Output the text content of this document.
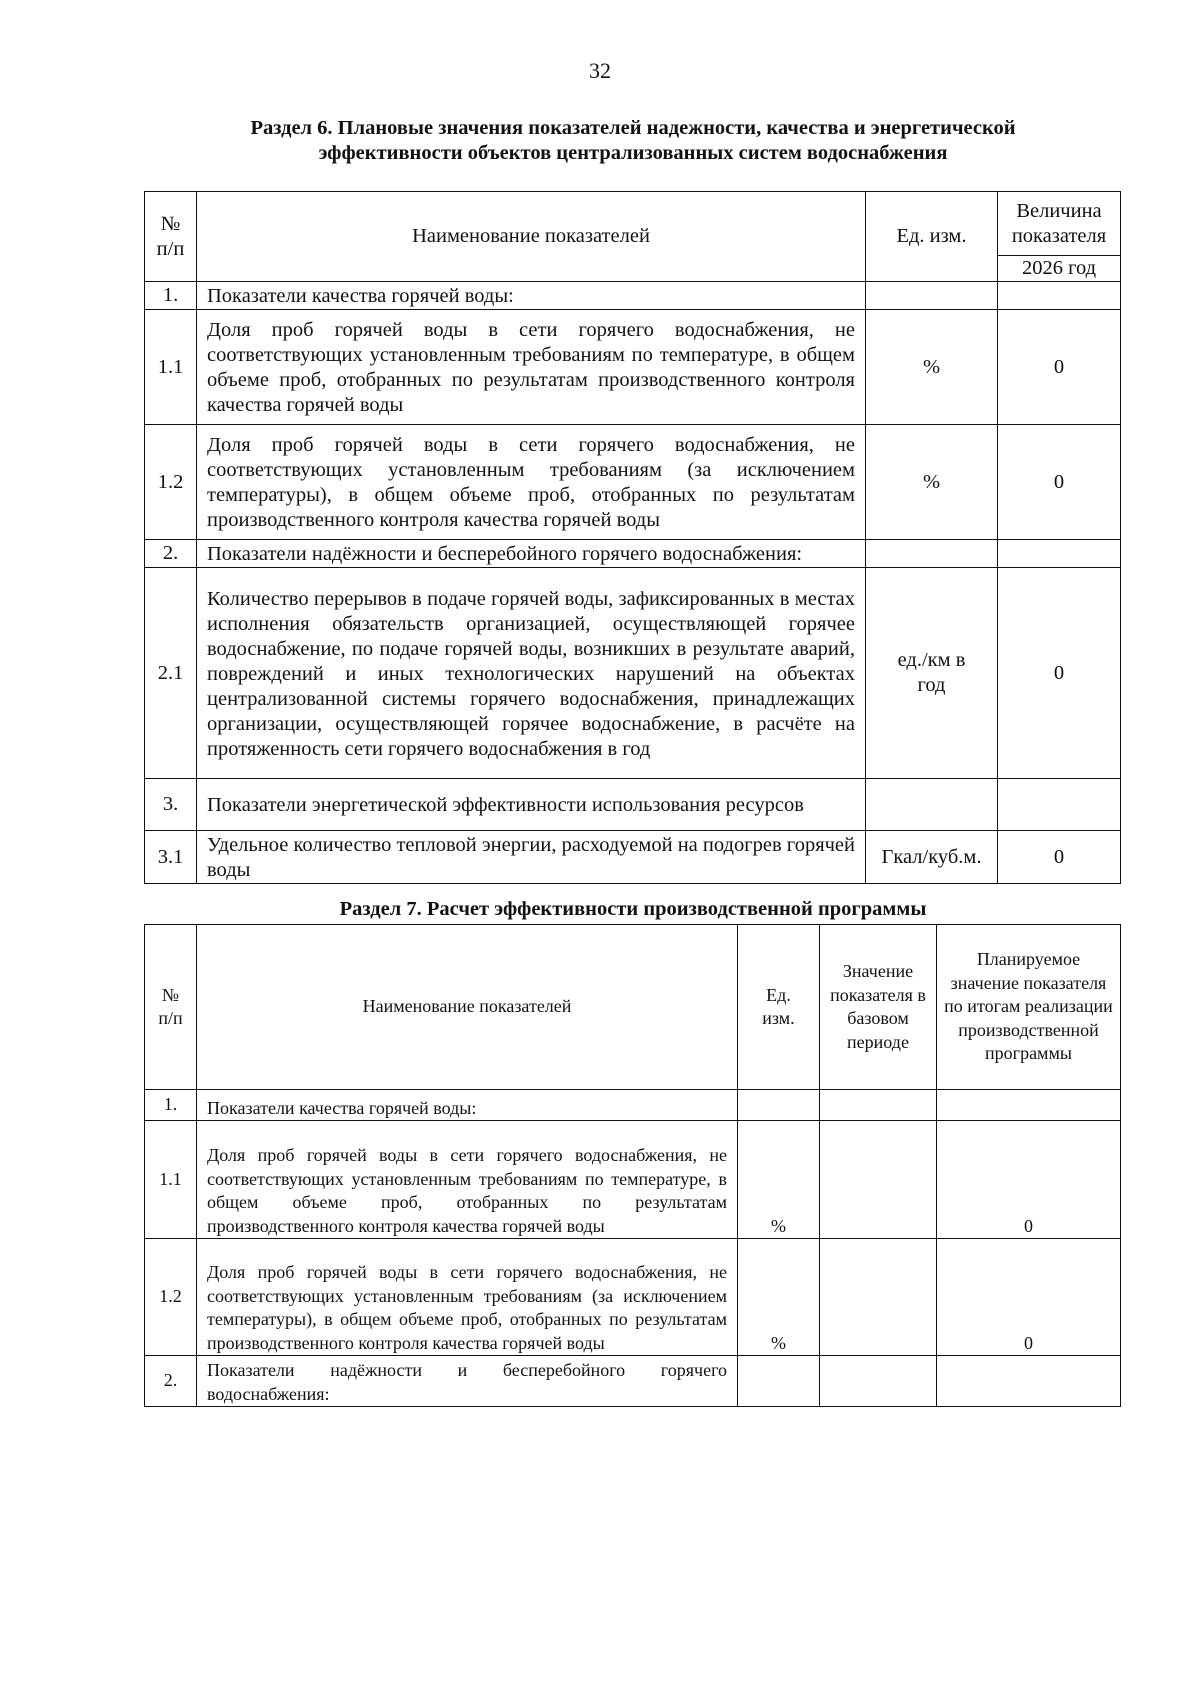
32
Раздел 6. Плановые значения показателей надежности, качества и энергетической
эффективности объектов централизованных систем водоснабжения
№ п/п	Наименование показателей	Ед. изм.	Величина показателя
			2026 год
1.	Показатели качества горячей воды:		
1.1	Доля проб горячей воды в сети горячего водоснабжения, не соответствующих установленным требованиям по температуре, в общем объеме проб, отобранных по результатам производственного контроля качества горячей воды	%	0
1.2	Доля проб горячей воды в сети горячего водоснабжения, не соответствующих установленным требованиям (за исключением температуры), в общем объеме проб, отобранных по результатам производственного контроля качества горячей воды	%	0
2.	Показатели надёжности и бесперебойного горячего водоснабжения:		
2.1	Количество перерывов в подаче горячей воды, зафиксированных в местах исполнения обязательств организацией, осуществляющей горячее водоснабжение, по подаче горячей воды, возникших в результате аварий, повреждений и иных технологических нарушений на объектах централизованной системы горячего водоснабжения, принадлежащих организации, осуществляющей горячее водоснабжение, в расчёте на протяженность сети горячего водоснабжения в год	ед./км в год	0
3.	Показатели энергетической эффективности использования ресурсов		
3.1	Удельное количество тепловой энергии, расходуемой на подогрев горячей воды	Гкал/куб.м.	0
Раздел 7. Расчет эффективности производственной программы
№ п/п	Наименование показателей	Ед. изм.	Значение показателя в базовом периоде	Планируемое значение показателя по итогам реализации производственной программы
1.	Показатели качества горячей воды:			
1.1	Доля проб горячей воды в сети горячего водоснабжения, не соответствующих установленным требованиям по температуре, в общем объеме проб, отобранных по результатам производственного контроля качества горячей воды	%		0
1.2	Доля проб горячей воды в сети горячего водоснабжения, не соответствующих установленным требованиям (за исключением температуры), в общем объеме проб, отобранных по результатам производственного контроля качества горячей воды	%		0
2.	Показатели надёжности и бесперебойного горячего водоснабжения:			
